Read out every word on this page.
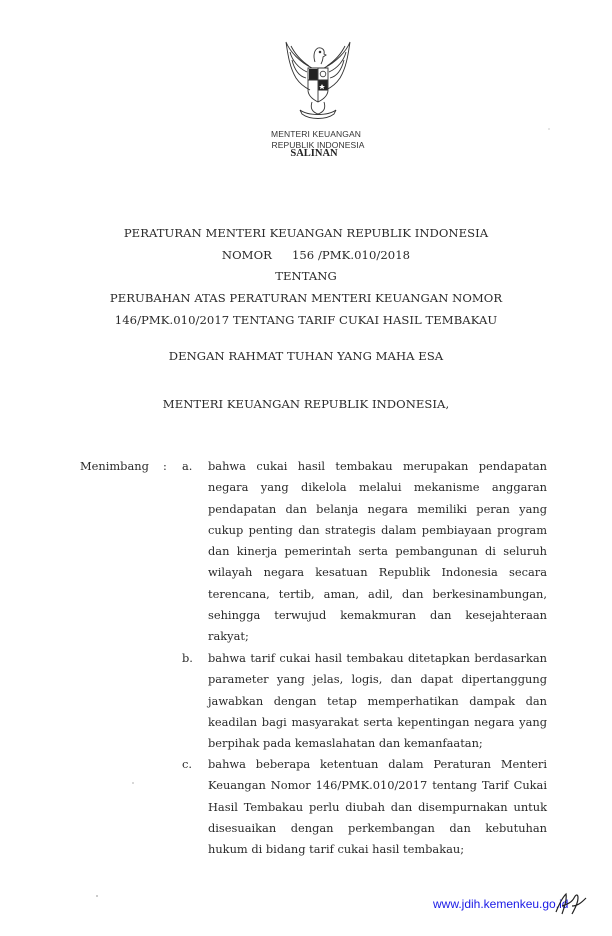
MENTERI KEUANGAN
REPUBLIK INDONESIA
SALINAN
PERATURAN MENTERI KEUANGAN REPUBLIK INDONESIA
NOMOR 156 /PMK.010/2018
TENTANG
PERUBAHAN ATAS PERATURAN MENTERI KEUANGAN NOMOR
146/PMK.010/2017 TENTANG TARIF CUKAI HASIL TEMBAKAU
DENGAN RAHMAT TUHAN YANG MAHA ESA
MENTERI KEUANGAN REPUBLIK INDONESIA,
Menimbang : a. bahwa cukai hasil tembakau merupakan pendapatan
negara yang dikelola melalui mekanisme anggaran
pendapatan dan belanja negara memiliki peran yang
cukup penting dan strategis dalam pembiayaan program
dan kinerja pemerintah serta pembangunan di seluruh
wilayah negara kesatuan Republik Indonesia secara
terencana, tertib, aman, adil, dan berkesinambungan,
sehingga terwujud kemakmuran dan kesejahteraan
rakyat;
b. bahwa tarif cukai hasil tembakau ditetapkan berdasarkan
parameter yang jelas, logis, dan dapat dipertanggung
jawabkan dengan tetap memperhatikan dampak dan
keadilan bagi masyarakat serta kepentingan negara yang
berpihak pada kemaslahatan dan kemanfaatan;
c. bahwa beberapa ketentuan dalam Peraturan Menteri
Keuangan Nomor 146/PMK.010/2017 tentang Tarif Cukai
Hasil Tembakau perlu diubah dan disempurnakan untuk
disesuaikan dengan perkembangan dan kebutuhan
hukum di bidang tarif cukai hasil tembakau;
www.jdih.kemenkeu.go.id
